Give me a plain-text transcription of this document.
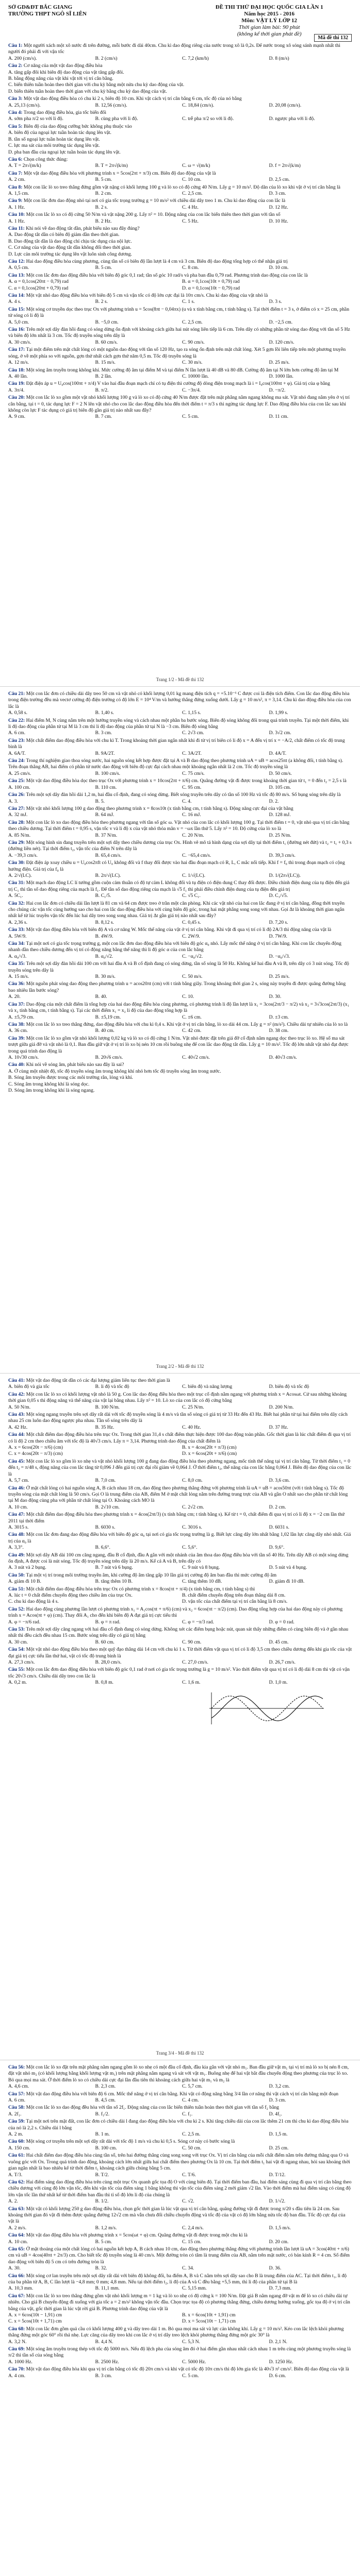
SỞ GD&ĐT BẮC GIANG
TRƯỜNG THPT NGÔ SĨ LIÊN
ĐỀ THI THỬ ĐẠI HỌC QUỐC GIA LẦN 1
Năm học 2015 - 2016
Môn: VẬT LÝ LỚP 12
Thời gian làm bài: 90 phút
(không kể thời gian phát đề)
Mã đề thi 132
Câu 1: Một người xách một xô nước đi trên đường, mỗi bước đi dài 40cm. Chu kì dao động riêng của nước trong xô là 0,2s. Để nước trong xô sóng sánh mạnh nhất thì người đó phải đi với vận tốc
A. 200 (cm/s).	B. 2 (cm/s)	C. 7,2 (km/h)	D. 8 (m/s)
Câu 2: Cơ năng của một vật dao động điều hòa
A. tăng gấp đôi khi biên độ dao động của vật tăng gấp đôi.
B. bằng động năng của vật khi vật tới vị trí cân bằng.
C. biến thiên tuần hoàn theo thời gian với chu kỳ bằng một nửa chu kỳ dao động của vật.
D. biến thiên tuần hoàn theo thời gian với chu kỳ bằng chu kỳ dao động của vật.
Câu 3: Một vật dao động điều hòa có chu kì 2 s, biên độ 10 cm. Khi vật cách vị trí cân bằng 6 cm, tốc độ của nó bằng
A. 25,13 (cm/s).	B. 12,56 (cm/s).	C. 18,84 (cm/s).	D. 20,08 (cm/s).
Câu 4: Trong dao động điều hòa, gia tốc biến đổi
A. sớm pha π/2 so với li độ.	B. cùng pha với li độ.	C. trễ pha π/2 so với li độ.	D. ngược pha với li độ.
Câu 5: Biên độ của dao động cưỡng bức không phụ thuộc vào
A. biên độ của ngoại lực tuần hoàn tác dụng lên vật.
B. tần số ngoại lực tuần hoàn tác dụng lên vật.
C. lực ma sát của môi trường tác dụng lên vật.
D. pha ban đầu của ngoại lực tuần hoàn tác dụng lên vật.
Câu 6: Chọn công thức đúng:
A. T = 2π√(m/k)	B. T = 2π√(k/m)	C. ω = √(m/k)	D. f = 2π√(k/m)
Câu 7: Một vật dao động điều hòa với phương trình x = 5cos(2πt + π/3) cm. Biên độ dao động của vật là
A. 2 cm.	B. 5 cm.	C. 10 cm.	D. 2,5 cm.
Câu 8: Một con lắc lò xo treo thẳng đứng gồm vật nặng có khối lượng 100 g và lò xo có độ cứng 40 N/m. Lấy g = 10 m/s². Độ dãn của lò xo khi vật ở vị trí cân bằng là
A. 1,5 cm.	B. 2 cm.	C. 2,5 cm.	D. 3 cm.
Câu 9: Một con lắc đơn dao động nhỏ tại nơi có gia tốc trọng trường g = 10 m/s² với chiều dài dây treo 1 m. Chu kì dao động của con lắc là
A. 1 Hz.	B. 2 s.	C. 4 Hz.	D. 12 Hz.
Câu 10: Một con lắc lò xo có độ cứng 50 N/m và vật nặng 200 g. Lấy π² = 10. Động năng của con lắc biến thiên theo thời gian với tần số
A. 1 Hz.	B. 2 Hz.	C. 5 Hz.	D. 10 Hz.
Câu 11: Khi nói về dao động tắt dần, phát biểu nào sau đây đúng?
A. Dao động tắt dần có biên độ giảm dần theo thời gian.
B. Dao động tắt dần là dao động chỉ chịu tác dụng của nội lực.
C. Cơ năng của vật dao động tắt dần không đổi theo thời gian.
D. Lực cản môi trường tác dụng lên vật luôn sinh công dương.
Câu 12: Hai dao động điều hòa cùng phương, cùng tần số có biên độ lần lượt là 4 cm và 3 cm. Biên độ dao động tổng hợp có thể nhận giá trị
A. 0,5 cm.	B. 5 cm.	C. 8 cm.	D. 10 cm.
Câu 13: Một con lắc đơn dao động điều hòa với biên độ góc 0,1 rad; tần số góc 10 rad/s và pha ban đầu 0,79 rad. Phương trình dao động của con lắc là
A. α = 0,1cos(20πt − 0,79) rad	B. α = 0,1cos(10t + 0,79) rad
C. α = 0,1cos(20πt + 0,79) rad	D. α = 0,1cos(10t − 0,79) rad
Câu 14: Một vật nhỏ dao động điều hòa với biên độ 5 cm và vận tốc có độ lớn cực đại là 10π cm/s. Chu kì dao động của vật nhỏ là
A. 4 s.	B. 2 s.	C. 1 s.	D. 3 s.
Câu 15: Một sóng cơ truyền dọc theo trục Ox với phương trình u = 5cos(8πt − 0,04πx) (u và x tính bằng cm, t tính bằng s). Tại thời điểm t = 3 s, ở điểm có x = 25 cm, phần tử sóng có li độ là
A. 5,0 cm.	B. −5,0 cm.	C. 2,5 cm.	D. −2,5 cm.
Câu 16: Trên một sợi dây đàn hồi đang có sóng dừng ổn định với khoảng cách giữa hai nút sóng liên tiếp là 6 cm. Trên dây có những phần tử sóng dao động với tần số 5 Hz và biên độ lớn nhất là 3 cm. Tốc độ truyền sóng trên dây là
A. 30 cm/s.	B. 60 cm/s.	C. 90 cm/s.	D. 120 cm/s.
Câu 17: Tại một điểm trên mặt chất lỏng có một nguồn dao động với tần số 120 Hz, tạo ra sóng ổn định trên mặt chất lỏng. Xét 5 gợn lồi liên tiếp trên một phương truyền sóng, ở về một phía so với nguồn, gợn thứ nhất cách gợn thứ năm 0,5 m. Tốc độ truyền sóng là
A. 12 m/s.	B. 15 m/s.	C. 30 m/s.	D. 25 m/s.
Câu 18: Một sóng âm truyền trong không khí. Mức cường độ âm tại điểm M và tại điểm N lần lượt là 40 dB và 80 dB. Cường độ âm tại N lớn hơn cường độ âm tại M
A. 40 lần.	B. 2 lần.	C. 10000 lần.	D. 1000 lần.
Câu 19: Đặt điện áp u = U₀cos(100πt + π/4) V vào hai đầu đoạn mạch chỉ có tụ điện thì cường độ dòng điện trong mạch là i = I₀cos(100πt + φ). Giá trị của φ bằng
A. 3π/4.	B. π/2.	C. −3π/4.	D. −π/2.
Câu 20: Một con lắc lò xo gồm một vật nhỏ khối lượng 100 g và lò xo có độ cứng 40 N/m được đặt trên mặt phẳng nằm ngang không ma sát. Vật nhỏ đang nằm yên ở vị trí cân bằng, tại t = 0, tác dụng lực F = 2 N lên vật nhỏ cho con lắc dao động điều hòa đến thời điểm t = π/3 s thì ngừng tác dụng lực F. Dao động điều hòa của con lắc sau khi không còn lực F tác dụng có giá trị biên độ gần giá trị nào nhất sau đây?
A. 9 cm.	B. 7 cm.	C. 5 cm.	D. 11 cm.
Trang 1/2 - Mã đề thi 132
Câu 21: Một con lắc đơn có chiều dài dây treo 50 cm và vật nhỏ có khối lượng 0,01 kg mang điện tích q = +5.10⁻⁶ C được coi là điện tích điểm. Con lắc dao động điều hòa trong điện trường đều mà vectơ cường độ điện trường có độ lớn E = 10⁴ V/m và hướng thẳng đứng xuống dưới. Lấy g = 10 m/s², π = 3,14. Chu kì dao động điều hòa của con lắc là
A. 0,58 s.	B. 1,40 s.	C. 1,15 s.	D. 1,99 s.
Câu 22: Hai điểm M, N cùng nằm trên một hướng truyền sóng và cách nhau một phần ba bước sóng. Biên độ sóng không đổi trong quá trình truyền. Tại một thời điểm, khi li độ dao động của phần tử tại M là 3 cm thì li độ dao động của phần tử tại N là −3 cm. Biên độ sóng bằng
A. 6 cm.	B. 3 cm.	C. 2√3 cm.	D. 3√2 cm.
Câu 23: Một chất điểm dao động điều hòa với chu kì T. Trong khoảng thời gian ngắn nhất khi đi từ vị trí biên có li độ x = A đến vị trí x = −A/2, chất điểm có tốc độ trung bình là
A. 6A/T.	B. 9A/2T.	C. 3A/2T.	D. 4A/T.
Câu 24: Trong thí nghiệm giao thoa sóng nước, hai nguồn sóng kết hợp được đặt tại A và B dao động theo phương trình uA = uB = acos25πt (a không đổi, t tính bằng s). Trên đoạn thẳng AB, hai điểm có phần tử nước dao động với biên độ cực đại cách nhau một khoảng ngắn nhất là 2 cm. Tốc độ truyền sóng là
A. 25 cm/s.	B. 100 cm/s.	C. 75 cm/s.	D. 50 cm/s.
Câu 25: Một vật dao động điều hòa dọc theo trục Ox với phương trình x = 10cos(2πt + π/6) cm. Quãng đường vật đi được trong khoảng thời gian từ t₁ = 0 đến t₂ = 2,5 s là
A. 100 cm.	B. 110 cm.	C. 95 cm.	D. 105 cm.
Câu 26: Trên một sợi dây đàn hồi dài 1,2 m, hai đầu cố định, đang có sóng dừng. Biết sóng truyền trên dây có tần số 100 Hz và tốc độ 80 m/s. Số bụng sóng trên dây là
A. 3.	B. 5.	C. 4.	D. 2.
Câu 27: Một vật nhỏ khối lượng 100 g dao động theo phương trình x = 8cos10t (x tính bằng cm, t tính bằng s). Động năng cực đại của vật bằng
A. 32 mJ.	B. 64 mJ.	C. 16 mJ.	D. 128 mJ.
Câu 28: Một con lắc lò xo dao động điều hòa theo phương ngang với tần số góc ω. Vật nhỏ của con lắc có khối lượng 100 g. Tại thời điểm t = 0, vật nhỏ qua vị trí cân bằng theo chiều dương. Tại thời điểm t = 0,95 s, vận tốc v và li độ x của vật nhỏ thỏa mãn v = −ωx lần thứ 5. Lấy π² = 10. Độ cứng của lò xo là
A. 85 N/m.	B. 37 N/m.	C. 20 N/m.	D. 25 N/m.
Câu 29: Một sóng hình sin đang truyền trên một sợi dây theo chiều dương của trục Ox. Hình vẽ mô tả hình dạng của sợi dây tại thời điểm t₁ (đường nét đứt) và t₂ = t₁ + 0,3 s (đường liền nét). Tại thời điểm t₂, vận tốc của điểm N trên dây là
A. −39,3 cm/s.	B. 65,4 cm/s.	C. −65,4 cm/s.	D. 39,3 cm/s.
Câu 30: Đặt điện áp xoay chiều u = U₀cos2πft có U₀ không đổi và f thay đổi được vào hai đầu đoạn mạch có R, L, C mắc nối tiếp. Khi f = f₀ thì trong đoạn mạch có cộng hưởng điện. Giá trị của f₀ là
A. 2/√(LC).	B. 2π/√(LC).	C. 1/√(LC).	D. 1/(2π√(LC)).
Câu 31: Một mạch dao động LC lí tưởng gồm cuộn cảm thuần có độ tự cảm L không đổi và tụ điện có điện dung C thay đổi được. Điều chỉnh điện dung của tụ điện đến giá trị C₁ thì tần số dao động riêng của mạch là f₁. Để tần số dao động riêng của mạch là √5 f₁ thì phải điều chỉnh điện dung của tụ điện đến giá trị
A. 5C₁.	B. C₁/5.	C. √5 C₁.	D. C₁/√5.
Câu 32: Hai con lắc đơn có chiều dài lần lượt là 81 cm và 64 cm được treo ở trần một căn phòng. Khi các vật nhỏ của hai con lắc đang ở vị trí cân bằng, đồng thời truyền cho chúng các vận tốc cùng hướng sao cho hai con lắc dao động điều hòa với cùng biên độ góc, trong hai mặt phẳng song song với nhau. Gọi Δt là khoảng thời gian ngắn nhất kể từ lúc truyền vận tốc đến lúc hai dây treo song song nhau. Giá trị Δt gần giá trị nào nhất sau đây?
A. 2,36 s.	B. 8,12 s.	C. 0,45 s.	D. 7,20 s.
Câu 33: Một vật dao động điều hòa với biên độ A và cơ năng W. Mốc thế năng của vật ở vị trí cân bằng. Khi vật đi qua vị trí có li độ 2A/3 thì động năng của vật là
A. 5W/9.	B. 4W/9.	C. 2W/9.	D. 7W/9.
Câu 34: Tại một nơi có gia tốc trọng trường g, một con lắc đơn dao động điều hòa với biên độ góc α₀ nhỏ. Lấy mốc thế năng ở vị trí cân bằng. Khi con lắc chuyển động nhanh dần theo chiều dương đến vị trí có động năng bằng thế năng thì li độ góc α của con lắc bằng
A. α₀/√3.	B. α₀/√2.	C. −α₀/√2.	D. −α₀/√3.
Câu 35: Trên một sợi dây đàn hồi dài 100 cm với hai đầu A và B cố định đang có sóng dừng, tần số sóng là 50 Hz. Không kể hai đầu A và B, trên dây có 3 nút sóng. Tốc độ truyền sóng trên dây là
A. 15 m/s.	B. 30 m/s.	C. 50 m/s.	D. 25 m/s.
Câu 36: Một nguồn phát sóng dao động theo phương trình u = acos20πt (cm) với t tính bằng giây. Trong khoảng thời gian 2 s, sóng này truyền đi được quãng đường bằng bao nhiêu lần bước sóng?
A. 20.	B. 40.	C. 10.	D. 30.
Câu 37: Dao động của một chất điểm là tổng hợp của hai dao động điều hòa cùng phương, có phương trình li độ lần lượt là x₁ = 3cos(2πt/3 − π/2) và x₂ = 3√3cos(2πt/3) (x₁ và x₂ tính bằng cm, t tính bằng s). Tại các thời điểm x₁ = x₂ li độ của dao động tổng hợp là
A. ±5,79 cm.	B. ±5,19 cm.	C. ±6 cm.	D. ±3 cm.
Câu 38: Một con lắc lò xo treo thẳng đứng, dao động điều hòa với chu kì 0,4 s. Khi vật ở vị trí cân bằng, lò xo dài 44 cm. Lấy g = π² (m/s²). Chiều dài tự nhiên của lò xo là
A. 36 cm.	B. 40 cm.	C. 42 cm.	D. 38 cm.
Câu 39: Một con lắc lò xo gồm vật nhỏ khối lượng 0,02 kg và lò xo có độ cứng 1 N/m. Vật nhỏ được đặt trên giá đỡ cố định nằm ngang dọc theo trục lò xo. Hệ số ma sát trượt giữa giá đỡ và vật nhỏ là 0,1. Ban đầu giữ vật ở vị trí lò xo bị nén 10 cm rồi buông nhẹ để con lắc dao động tắt dần. Lấy g = 10 m/s². Tốc độ lớn nhất vật nhỏ đạt được trong quá trình dao động là
A. 10√30 cm/s.	B. 20√6 cm/s.	C. 40√2 cm/s.	D. 40√3 cm/s.
Câu 40: Khi nói về sóng âm, phát biểu nào sau đây là sai?
A. Ở cùng một nhiệt độ, tốc độ truyền sóng âm trong không khí nhỏ hơn tốc độ truyền sóng âm trong nước.
B. Sóng âm truyền được trong các môi trường rắn, lỏng và khí.
C. Sóng âm trong không khí là sóng dọc.
D. Sóng âm trong không khí là sóng ngang.
Trang 2/2 - Mã đề thi 132
Câu 41: Một vật dao động tắt dần có các đại lượng giảm liên tục theo thời gian là
A. biên độ và gia tốc	B. li độ và tốc độ	C. biên độ và năng lượng	D. biên độ và tốc độ
Câu 42: Một con lắc lò xo có khối lượng vật nhỏ là 50 g. Con lắc dao động điều hòa theo một trục cố định nằm ngang với phương trình x = Acosωt. Cứ sau những khoảng thời gian 0,05 s thì động năng và thế năng của vật lại bằng nhau. Lấy π² = 10. Lò xo của con lắc có độ cứng bằng
A. 50 N/m.	B. 100 N/m.	C. 25 N/m.	D. 200 N/m.
Câu 43: Một sóng ngang truyền trên sợi dây rất dài với tốc độ truyền sóng là 4 m/s và tần số sóng có giá trị từ 33 Hz đến 43 Hz. Biết hai phần tử tại hai điểm trên dây cách nhau 25 cm luôn dao động ngược pha nhau. Tần số sóng trên dây là
A. 42 Hz.	B. 35 Hz.	C. 40 Hz.	D. 37 Hz.
Câu 44: Một chất điểm dao động điều hòa trên trục Ox. Trong thời gian 31,4 s chất điểm thực hiện được 100 dao động toàn phần. Gốc thời gian là lúc chất điểm đi qua vị trí có li độ 2 cm theo chiều âm với tốc độ là 40√3 cm/s. Lấy π = 3,14. Phương trình dao động của chất điểm là
A. x = 6cos(20t − π/6) (cm)	B. x = 4cos(20t + π/3) (cm)
C. x = 4cos(20t − π/3) (cm)	D. x = 6cos(20t + π/6) (cm)
Câu 45: Một con lắc lò xo gồm lò xo nhẹ và vật nhỏ khối lượng 100 g đang dao động điều hòa theo phương ngang, mốc tính thế năng tại vị trí cân bằng. Từ thời điểm t₁ = 0 đến t₂ = π/48 s, động năng của con lắc tăng từ 0,096 J đến giá trị cực đại rồi giảm về 0,064 J. Ở thời điểm t₂, thế năng của con lắc bằng 0,064 J. Biên độ dao động của con lắc là
A. 5,7 cm.	B. 7,0 cm.	C. 8,0 cm.	D. 3,6 cm.
Câu 46: Ở mặt chất lỏng có hai nguồn sóng A, B cách nhau 18 cm, dao động theo phương thẳng đứng với phương trình là uA = uB = acos50πt (với t tính bằng s). Tốc độ truyền sóng của mặt chất lỏng là 50 cm/s. Gọi O là trung điểm của AB, điểm M ở mặt chất lỏng nằm trên đường trung trực của AB và gần O nhất sao cho phần tử chất lỏng tại M dao động cùng pha với phần tử chất lỏng tại O. Khoảng cách MO là
A. 10 cm.	B. 2√10 cm.	C. 2√2 cm.	D. 2 cm.
Câu 47: Một chất điểm dao động điều hòa theo phương trình x = 4cos(2πt/3) (x tính bằng cm; t tính bằng s). Kể từ t = 0, chất điểm đi qua vị trí có li độ x = −2 cm lần thứ 2011 tại thời điểm
A. 3015 s.	B. 6030 s.	C. 3016 s.	D. 6031 s.
Câu 48: Một con lắc đơn đang dao động điều hòa với biên độ góc α₀ tại nơi có gia tốc trọng trường là g. Biết lực căng dây lớn nhất bằng 1,02 lần lực căng dây nhỏ nhất. Giá trị của α₀ là
A. 3,3°.	B. 6,6°.	C. 5,6°.	D. 9,6°.
Câu 49: Một sợi dây AB dài 100 cm căng ngang, đầu B cố định, đầu A gắn với một nhánh của âm thoa dao động điều hòa với tần số 40 Hz. Trên dây AB có một sóng dừng ổn định, A được coi là nút sóng. Tốc độ truyền sóng trên dây là 20 m/s. Kể cả A và B, trên dây có
A. 3 nút và 2 bụng.	B. 7 nút và 6 bụng.	C. 9 nút và 8 bụng.	D. 5 nút và 4 bụng.
Câu 50: Tại một vị trí trong môi trường truyền âm, khi cường độ âm tăng gấp 10 lần giá trị cường độ âm ban đầu thì mức cường độ âm
A. giảm đi 10 B.	B. tăng thêm 10 B.	C. tăng thêm 10 dB.	D. giảm đi 10 dB.
Câu 51: Một chất điểm dao động điều hòa trên trục Ox có phương trình x = 8cos(πt + π/4) (x tính bằng cm, t tính bằng s) thì
A. lúc t = 0 chất điểm chuyển động theo chiều âm của trục Ox.	B. chất điểm chuyển động trên đoạn thẳng dài 8 cm.
C. chu kì dao động là 4 s.	D. vận tốc của chất điểm tại vị trí cân bằng là 8 cm/s.
Câu 52: Hai dao động cùng phương lần lượt có phương trình x₁ = A₁cos(πt + π/6) (cm) và x₂ = 6cos(πt − π/2) (cm). Dao động tổng hợp của hai dao động này có phương trình x = Acos(πt + φ) (cm). Thay đổi A₁ cho đến khi biên độ A đạt giá trị cực tiểu thì
A. φ = −π/6 rad.	B. φ = π rad.	C. φ = −π/3 rad.	D. φ = 0 rad.
Câu 53: Trên một sợi dây căng ngang với hai đầu cố định đang có sóng dừng. Không xét các điểm bụng hoặc nút, quan sát thấy những điểm có cùng biên độ và ở gần nhau nhất thì đều cách đều nhau 15 cm. Bước sóng trên dây có giá trị bằng
A. 30 cm.	B. 60 cm.	C. 90 cm.	D. 45 cm.
Câu 54: Một vật nhỏ dao động điều hòa theo một quỹ đạo thẳng dài 14 cm với chu kì 1 s. Từ thời điểm vật qua vị trí có li độ 3,5 cm theo chiều dương đến khi gia tốc của vật đạt giá trị cực tiểu lần thứ hai, vật có tốc độ trung bình là
A. 27,3 cm/s.	B. 28,0 cm/s.	C. 27,0 cm/s.	D. 26,7 cm/s.
Câu 55: Một con lắc đơn dao động điều hòa với biên độ góc 0,1 rad ở nơi có gia tốc trọng trường là g = 10 m/s². Vào thời điểm vật qua vị trí có li độ dài 8 cm thì vật có vận tốc 20√3 cm/s. Chiều dài dây treo con lắc là
A. 0,2 m.	B. 0,8 m.	C. 1,6 m.	D. 1,0 m.
Trang 3/4 - Mã đề thi 132
Câu 56: Một con lắc lò xo đặt trên mặt phẳng nằm ngang gồm lò xo nhẹ có một đầu cố định, đầu kia gắn với vật nhỏ m₁. Ban đầu giữ vật m₁ tại vị trí mà lò xo bị nén 8 cm, đặt vật nhỏ m₂ (có khối lượng bằng khối lượng vật m₁) trên mặt phẳng nằm ngang và sát với vật m₁. Buông nhẹ để hai vật bắt đầu chuyển động theo phương của trục lò xo. Bỏ qua mọi ma sát. Ở thời điểm lò xo có chiều dài cực đại lần đầu tiên thì khoảng cách giữa hai vật m₁ và m₂ là
A. 4,6 cm.	B. 2,3 cm.	C. 5,7 cm.	D. 3,2 cm.
Câu 57: Một vật dao động điều hòa với biên độ 6 cm. Mốc thế năng ở vị trí cân bằng. Khi vật có động năng bằng 3/4 lần cơ năng thì vật cách vị trí cân bằng một đoạn
A. 6 cm.	B. 4,5 cm.	C. 4 cm.	D. 3 cm.
Câu 58: Một con lắc lò xo dao động đều hòa với tần số 2f₁. Động năng của con lắc biến thiên tuần hoàn theo thời gian với tần số f₂ bằng
A. 2f₁.	B. f₁/2.	C. f₁.	D. 4f₁.
Câu 59: Tại một nơi trên mặt đất, con lắc đơn có chiều dài l đang dao động điều hòa với chu kì 2 s. Khi tăng chiều dài của con lắc thêm 21 cm thì chu kì dao động điều hòa của nó là 2,2 s. Chiều dài l bằng
A. 2 m.	B. 1 m.	C. 2,5 m.	D. 1,5 m.
Câu 60: Một sóng cơ truyền trên một sợi dây rất dài với tốc độ 1 m/s và chu kì 0,5 s. Sóng cơ này có bước sóng là
A. 150 cm.	B. 100 cm.	C. 50 cm.	D. 25 cm.
Câu 61: Hai chất điểm dao động điều hòa cùng tần số, trên hai đường thẳng cùng song song với trục Ox. Vị trí cân bằng của mỗi chất điểm nằm trên đường thẳng qua O và vuông góc với Ox. Trong quá trình dao động, khoảng cách lớn nhất giữa hai chất điểm theo phương Ox là 10 cm. Tại thời điểm t₁ hai vật đi ngang nhau, hỏi sau khoảng thời gian ngắn nhất là bao nhiêu kể từ thời điểm t₁ khoảng cách giữa chúng bằng 5 cm.
A. T/3.	B. T/2.	C. T/6.	D. T/12.
Câu 62: Hai điểm sáng dao động điều hòa trên cùng một trục Ox quanh gốc tọa độ O với cùng biên độ. Tại thời điểm ban đầu, hai điểm sáng cùng đi qua vị trí cân bằng theo chiều dương với cùng độ lớn vận tốc, đến khi vận tốc của điểm sáng 1 bằng không thì vận tốc của điểm sáng 2 mới giảm √2 lần. Vào thời điểm mà hai điểm sáng có cùng độ lớn vận tốc lần thứ nhất kể từ thời điểm ban đầu thì tỉ số độ lớn li độ của chúng là
A. 2.	B. 1/2.	C. √2.	D. 1/√2.
Câu 63: Một vật có khối lượng 250 g dao động điều hòa, chọn gốc thời gian là lúc vật qua vị trí cân bằng, quãng đường vật đi được trong π/20 s đầu tiên là 24 cm. Sau khoảng thời gian đó vật đi thêm được quãng đường 12√2 cm mà vẫn chưa đổi chiều chuyển động và tốc độ của vật có độ lớn bằng nửa tốc độ ban đầu. Tốc độ cực đại của vật là
A. 2 m/s.	B. 1,2 m/s.	C. 2,4 m/s.	D. 1,5 m/s.
Câu 64: Một vật dao động điều hòa với phương trình x = 5cos(ωt + φ) cm. Quãng đường vật đi được trong một chu kì là
A. 10 cm.	B. 5 cm.	C. 15 cm.	D. 20 cm.
Câu 65: Ở mặt thoáng của một chất lỏng có hai nguồn kết hợp A, B cách nhau 10 cm, dao động theo phương thẳng đứng với phương trình lần lượt là uA = 3cos(40πt + π/6) cm và uB = 4cos(40πt + 2π/3) cm. Cho biết tốc độ truyền sóng là 40 cm/s. Một đường tròn có tâm là trung điểm của AB, nằm trên mặt nước, có bán kính R = 4 cm. Số điểm dao động với biên độ 5 cm có trên đường tròn là
A. 30.	B. 32.	C. 34.	D. 36.
Câu 66: Một sóng cơ lan truyền trên một sợi dây rất dài với biên độ không đổi, ba điểm A, B và C nằm trên sợi dây sao cho B là trung điểm của AC. Tại thời điểm t₁, li độ của ba phần tử A, B, C lần lượt là −4,8 mm; 0 mm; 4,8 mm. Nếu tại thời điểm t₂, li độ của A và C đều bằng +5,5 mm, thì li độ của phần tử tại B là
A. 10,3 mm.	B. 11,1 mm.	C. 5,15 mm.	D. 7,3 mm.
Câu 67: Một con lắc lò xo treo thẳng đứng gồm vật nhỏ khối lượng m = 1 kg và lò xo nhẹ có độ cứng k = 100 N/m. Đặt giá B nằm ngang đỡ vật m để lò xo có chiều dài tự nhiên. Cho giá B chuyển động đi xuống với gia tốc a = 2 m/s² không vận tốc đầu. Chọn trục tọa độ có phương thẳng đứng, chiều dương hướng xuống, gốc tọa độ ở vị trí cân bằng của vật, gốc thời gian là lúc vật rời giá B. Phương trình dao động của vật là
A. x = 6cos(10t − 1,91) cm	B. x = 6cos(10t + 1,91) cm
C. x = 5cos(10t + 1,71) cm	D. x = 5cos(10t − 1,71) cm
Câu 68: Một con lắc đơn gồm quả cầu có khối lượng 400 g và dây treo dài 1 m. Bỏ qua mọi ma sát và lực cản không khí. Lấy g = 10 m/s². Kéo con lắc lệch khỏi phương thẳng đứng một góc 60° rồi thả nhẹ. Lực căng của dây treo khi con lắc ở vị trí dây treo lệch khỏi phương thẳng đứng một góc 30° là
A. 3,2 N.	B. 4,4 N.	C. 5,3 N.	D. 2,1 N.
Câu 69: Một sóng âm truyền trong thép với tốc độ 5000 m/s. Nếu độ lệch pha của sóng âm đó ở hai điểm gần nhau nhất cách nhau 1 m trên cùng một phương truyền sóng là π/2 thì tần số của sóng bằng
A. 1000 Hz.	B. 2500 Hz.	C. 5000 Hz.	D. 1250 Hz.
Câu 70: Một vật dao động điều hòa khi qua vị trí cân bằng có tốc độ 20π cm/s và khi vật có tốc độ 10π cm/s thì độ lớn gia tốc là 40√3 π² cm/s². Biên độ dao động của vật là
A. 4 cm.	B. 3 cm.	C. 5 cm.	D. 6 cm.
